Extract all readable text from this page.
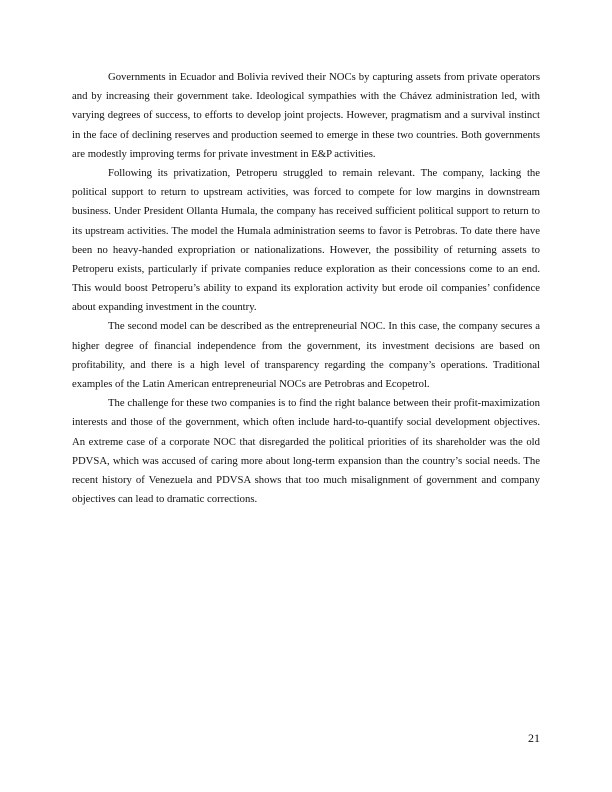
Governments in Ecuador and Bolivia revived their NOCs by capturing assets from private operators
and by increasing their government take. Ideological sympathies with the Chávez administration led, with
varying degrees of success, to efforts to develop joint projects. However, pragmatism and a survival instinct
in the face of declining reserves and production seemed to emerge in these two countries. Both governments
are modestly improving terms for private investment in E&P activities.
Following its privatization, Petroperu struggled to remain relevant. The company, lacking the
political support to return to upstream activities, was forced to compete for low margins in downstream
business. Under President Ollanta Humala, the company has received sufficient political support to return to
its upstream activities. The model the Humala administration seems to favor is Petrobras. To date there have
been no heavy-handed expropriation or nationalizations. However, the possibility of returning assets to
Petroperu exists, particularly if private companies reduce exploration as their concessions come to an end.
This would boost Petroperu’s ability to expand its exploration activity but erode oil companies’ confidence
about expanding investment in the country.
The second model can be described as the entrepreneurial NOC. In this case, the company secures a
higher degree of financial independence from the government, its investment decisions are based on
profitability, and there is a high level of transparency regarding the company’s operations. Traditional
examples of the Latin American entrepreneurial NOCs are Petrobras and Ecopetrol.
The challenge for these two companies is to find the right balance between their profit-maximization
interests and those of the government, which often include hard-to-quantify social development objectives.
An extreme case of a corporate NOC that disregarded the political priorities of its shareholder was the old
PDVSA, which was accused of caring more about long-term expansion than the country’s social needs. The
recent history of Venezuela and PDVSA shows that too much misalignment of government and company
objectives can lead to dramatic corrections.
21
